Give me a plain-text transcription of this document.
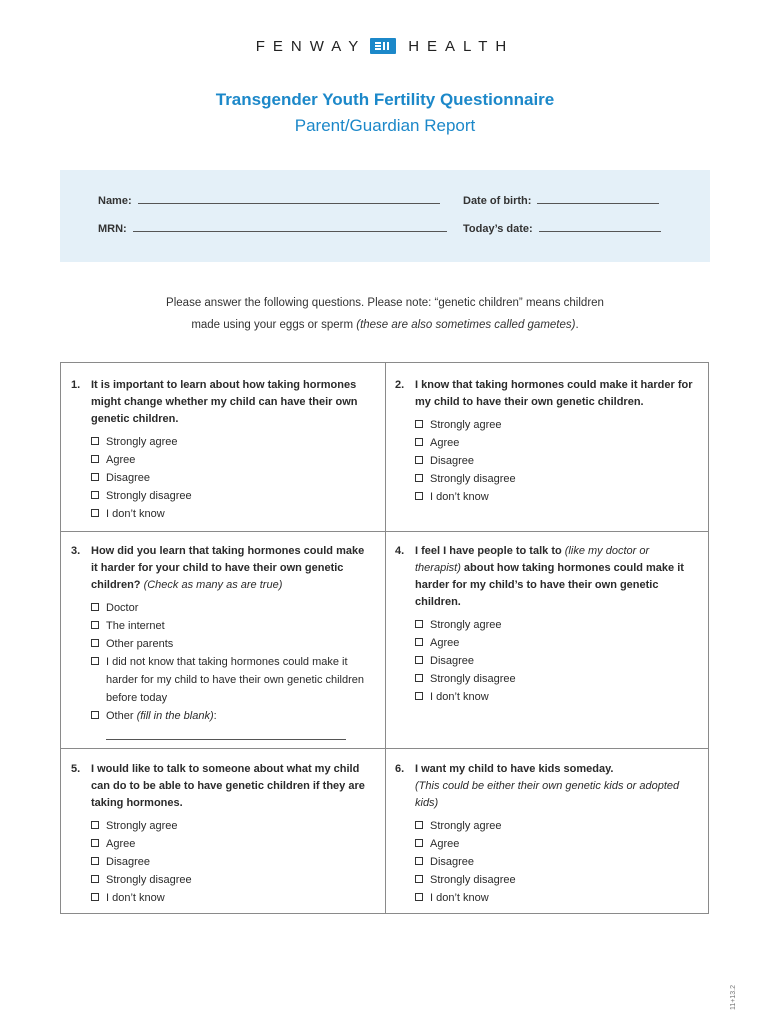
FENWAY	HEALTH
Transgender Youth Fertility Questionnaire
Parent/Guardian Report
Name:	Date of birth:
MRN:	Today’s date:
Please answer the following questions. Please note: “genetic children” means children
made using your eggs or sperm (these are also sometimes called gametes).
1. It is important to learn about how taking hormones might change whether my child can have their own genetic children.
Strongly agree
Agree
Disagree
Strongly disagree
I don’t know
2. I know that taking hormones could make it harder for my child to have their own genetic children.
Strongly agree
Agree
Disagree
Strongly disagree
I don’t know
3. How did you learn that taking hormones could make it harder for your child to have their own genetic children? (Check as many as are true)
Doctor
The internet
Other parents
I did not know that taking hormones could make it harder for my child to have their own genetic children before today
Other (fill in the blank):
4. I feel I have people to talk to (like my doctor or therapist) about how taking hormones could make it harder for my child’s to have their own genetic children.
Strongly agree
Agree
Disagree
Strongly disagree
I don’t know
5. I would like to talk to someone about what my child can do to be able to have genetic children if they are taking hormones.
Strongly agree
Agree
Disagree
Strongly disagree
I don’t know
6. I want my child to have kids someday.
(This could be either their own genetic kids or adopted kids)
Strongly agree
Agree
Disagree
Strongly disagree
I don’t know
11+13.2
